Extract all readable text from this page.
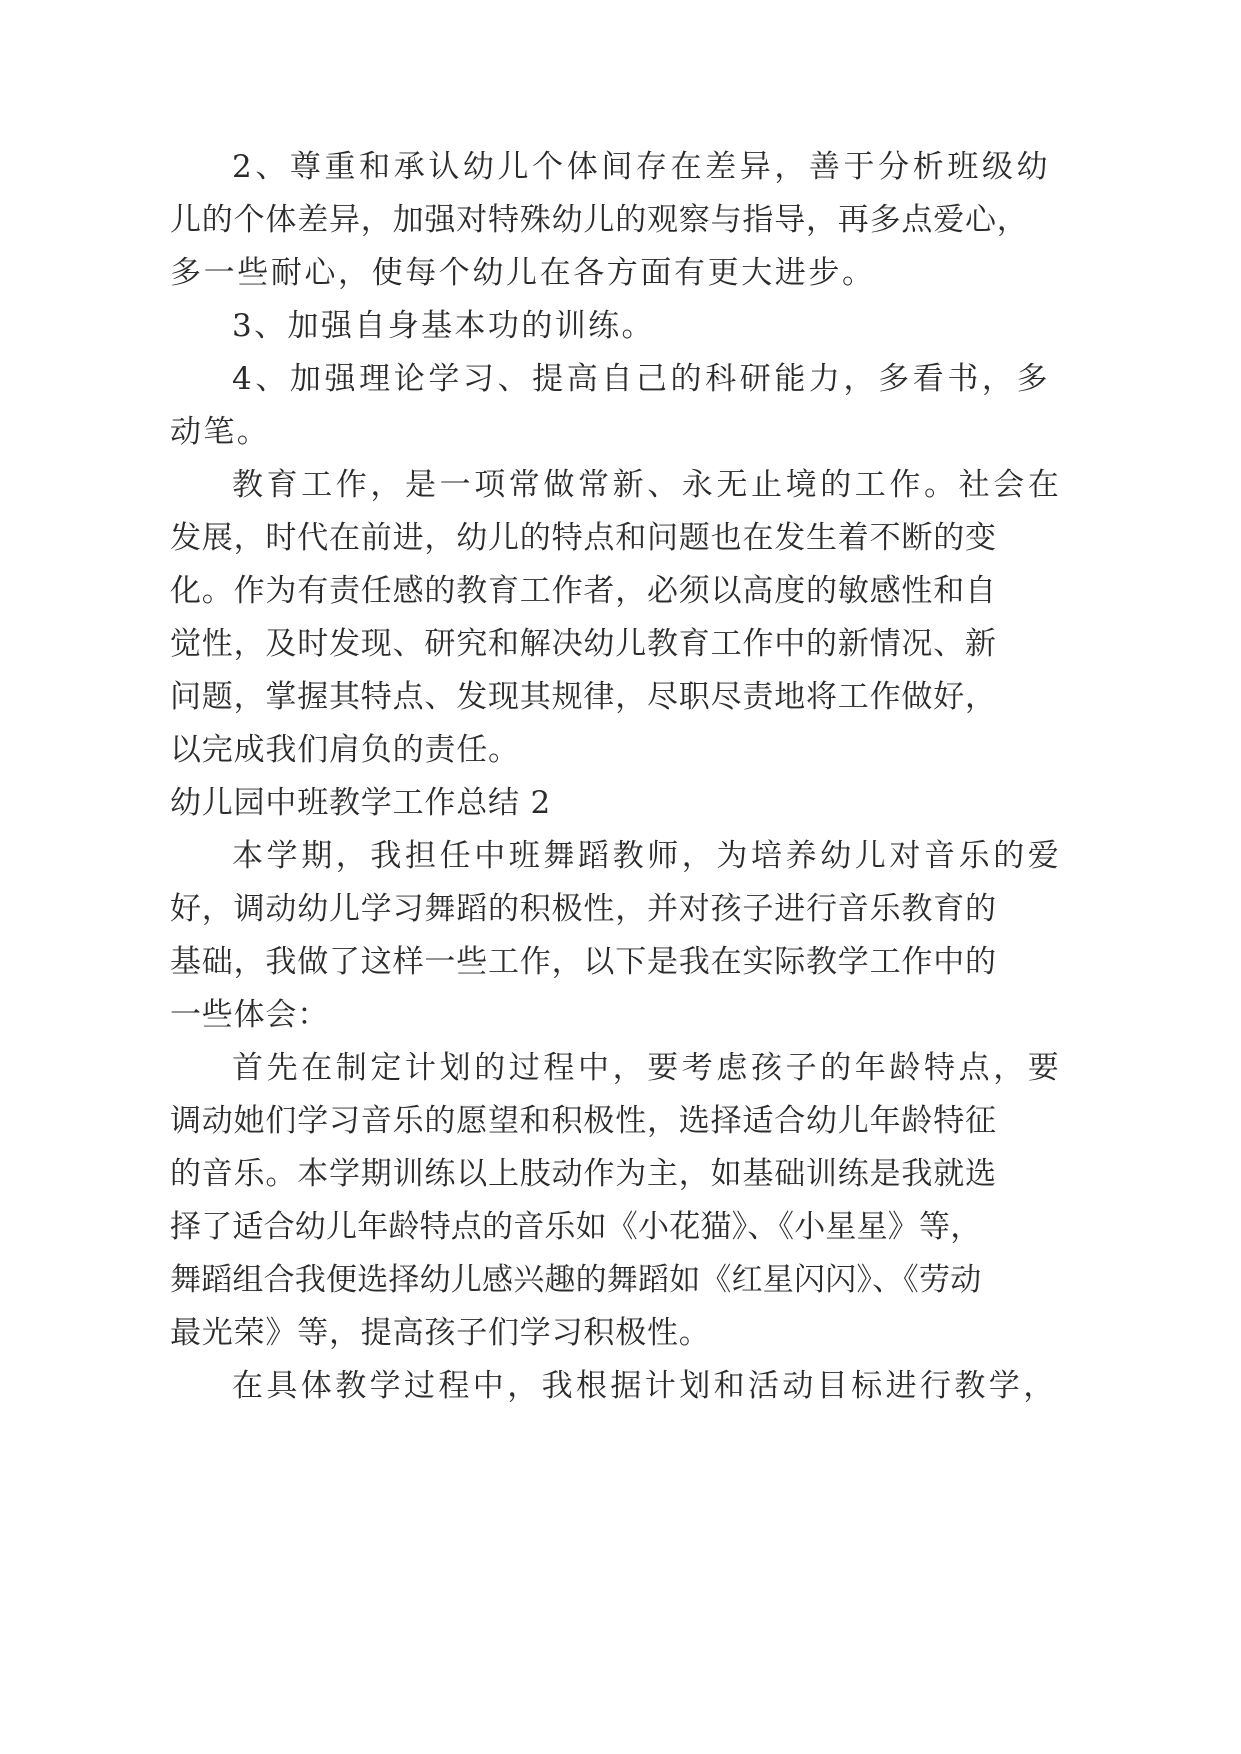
2、尊重和承认幼儿个体间存在差异，善于分析班级幼

儿的个体差异，加强对特殊幼儿的观察与指导，再多点爱心，

多一些耐心，使每个幼儿在各方面有更大进步。

3、加强自身基本功的训练。

4、加强理论学习、提高自己的科研能力，多看书，多

动笔。

教育工作，是一项常做常新、永无止境的工作。社会在

发展，时代在前进，幼儿的特点和问题也在发生着不断的变

化。作为有责任感的教育工作者，必须以高度的敏感性和自

觉性，及时发现、研究和解决幼儿教育工作中的新情况、新

问题，掌握其特点、发现其规律，尽职尽责地将工作做好，

以完成我们肩负的责任。

幼儿园中班教学工作总结 2

本学期，我担任中班舞蹈教师，为培养幼儿对音乐的爱

好，调动幼儿学习舞蹈的积极性，并对孩子进行音乐教育的

基础，我做了这样一些工作，以下是我在实际教学工作中的

一些体会：

首先在制定计划的过程中，要考虑孩子的年龄特点，要

调动她们学习音乐的愿望和积极性，选择适合幼儿年龄特征

的音乐。本学期训练以上肢动作为主，如基础训练是我就选

择了适合幼儿年龄特点的音乐如《小花猫》、《小星星》等，

舞蹈组合我便选择幼儿感兴趣的舞蹈如《红星闪闪》、《劳动

最光荣》等，提高孩子们学习积极性。

在具体教学过程中，我根据计划和活动目标进行教学，
